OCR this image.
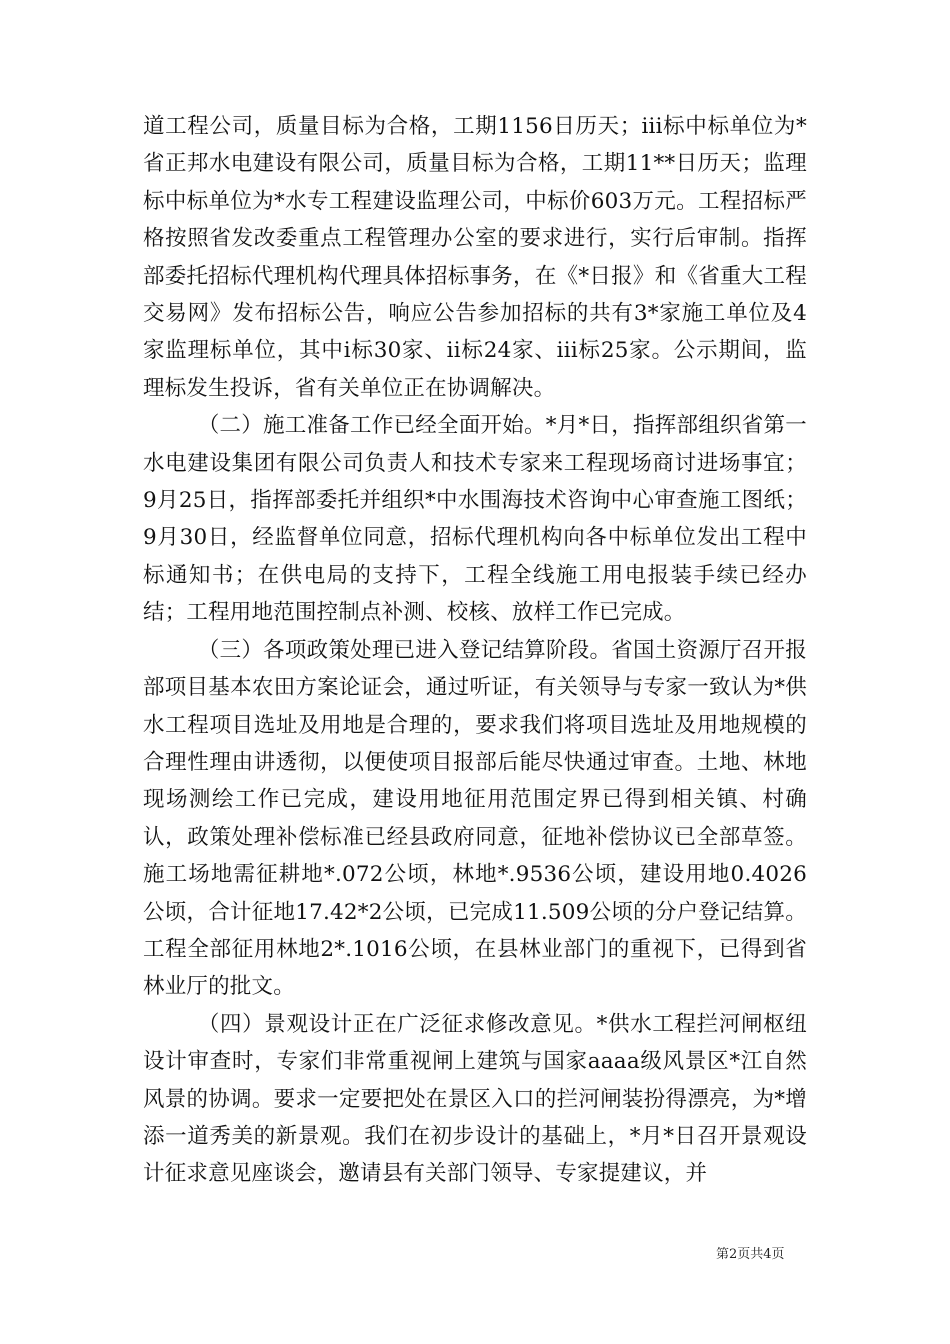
道工程公司，质量目标为合格，工期1156日历天；iii标中标单位为*省正邦水电建设有限公司，质量目标为合格，工期11**日历天；监理标中标单位为*水专工程建设监理公司，中标价603万元。工程招标严格按照省发改委重点工程管理办公室的要求进行，实行后审制。指挥部委托招标代理机构代理具体招标事务，在《*日报》和《省重大工程交易网》发布招标公告，响应公告参加招标的共有3*家施工单位及4家监理标单位，其中i标30家、ii标24家、iii标25家。公示期间，监理标发生投诉，省有关单位正在协调解决。

（二）施工准备工作已经全面开始。*月*日，指挥部组织省第一水电建设集团有限公司负责人和技术专家来工程现场商讨进场事宜；9月25日，指挥部委托并组织*中水围海技术咨询中心审查施工图纸；9月30日，经监督单位同意，招标代理机构向各中标单位发出工程中标通知书；在供电局的支持下，工程全线施工用电报装手续已经办结；工程用地范围控制点补测、校核、放样工作已完成。

（三）各项政策处理已进入登记结算阶段。省国土资源厅召开报部项目基本农田方案论证会，通过听证，有关领导与专家一致认为*供水工程项目选址及用地是合理的，要求我们将项目选址及用地规模的合理性理由讲透彻，以便使项目报部后能尽快通过审查。土地、林地现场测绘工作已完成，建设用地征用范围定界已得到相关镇、村确认，政策处理补偿标准已经县政府同意，征地补偿协议已全部草签。施工场地需征耕地*.072公顷，林地*.9536公顷，建设用地0.4026公顷，合计征地17.42*2公顷，已完成11.509公顷的分户登记结算。工程全部征用林地2*.1016公顷，在县林业部门的重视下，已得到省林业厅的批文。

（四）景观设计正在广泛征求修改意见。*供水工程拦河闸枢纽设计审查时，专家们非常重视闸上建筑与国家aaaa级风景区*江自然风景的协调。要求一定要把处在景区入口的拦河闸装扮得漂亮，为*增添一道秀美的新景观。我们在初步设计的基础上，*月*日召开景观设计征求意见座谈会，邀请县有关部门领导、专家提建议，并

第2页共4页
